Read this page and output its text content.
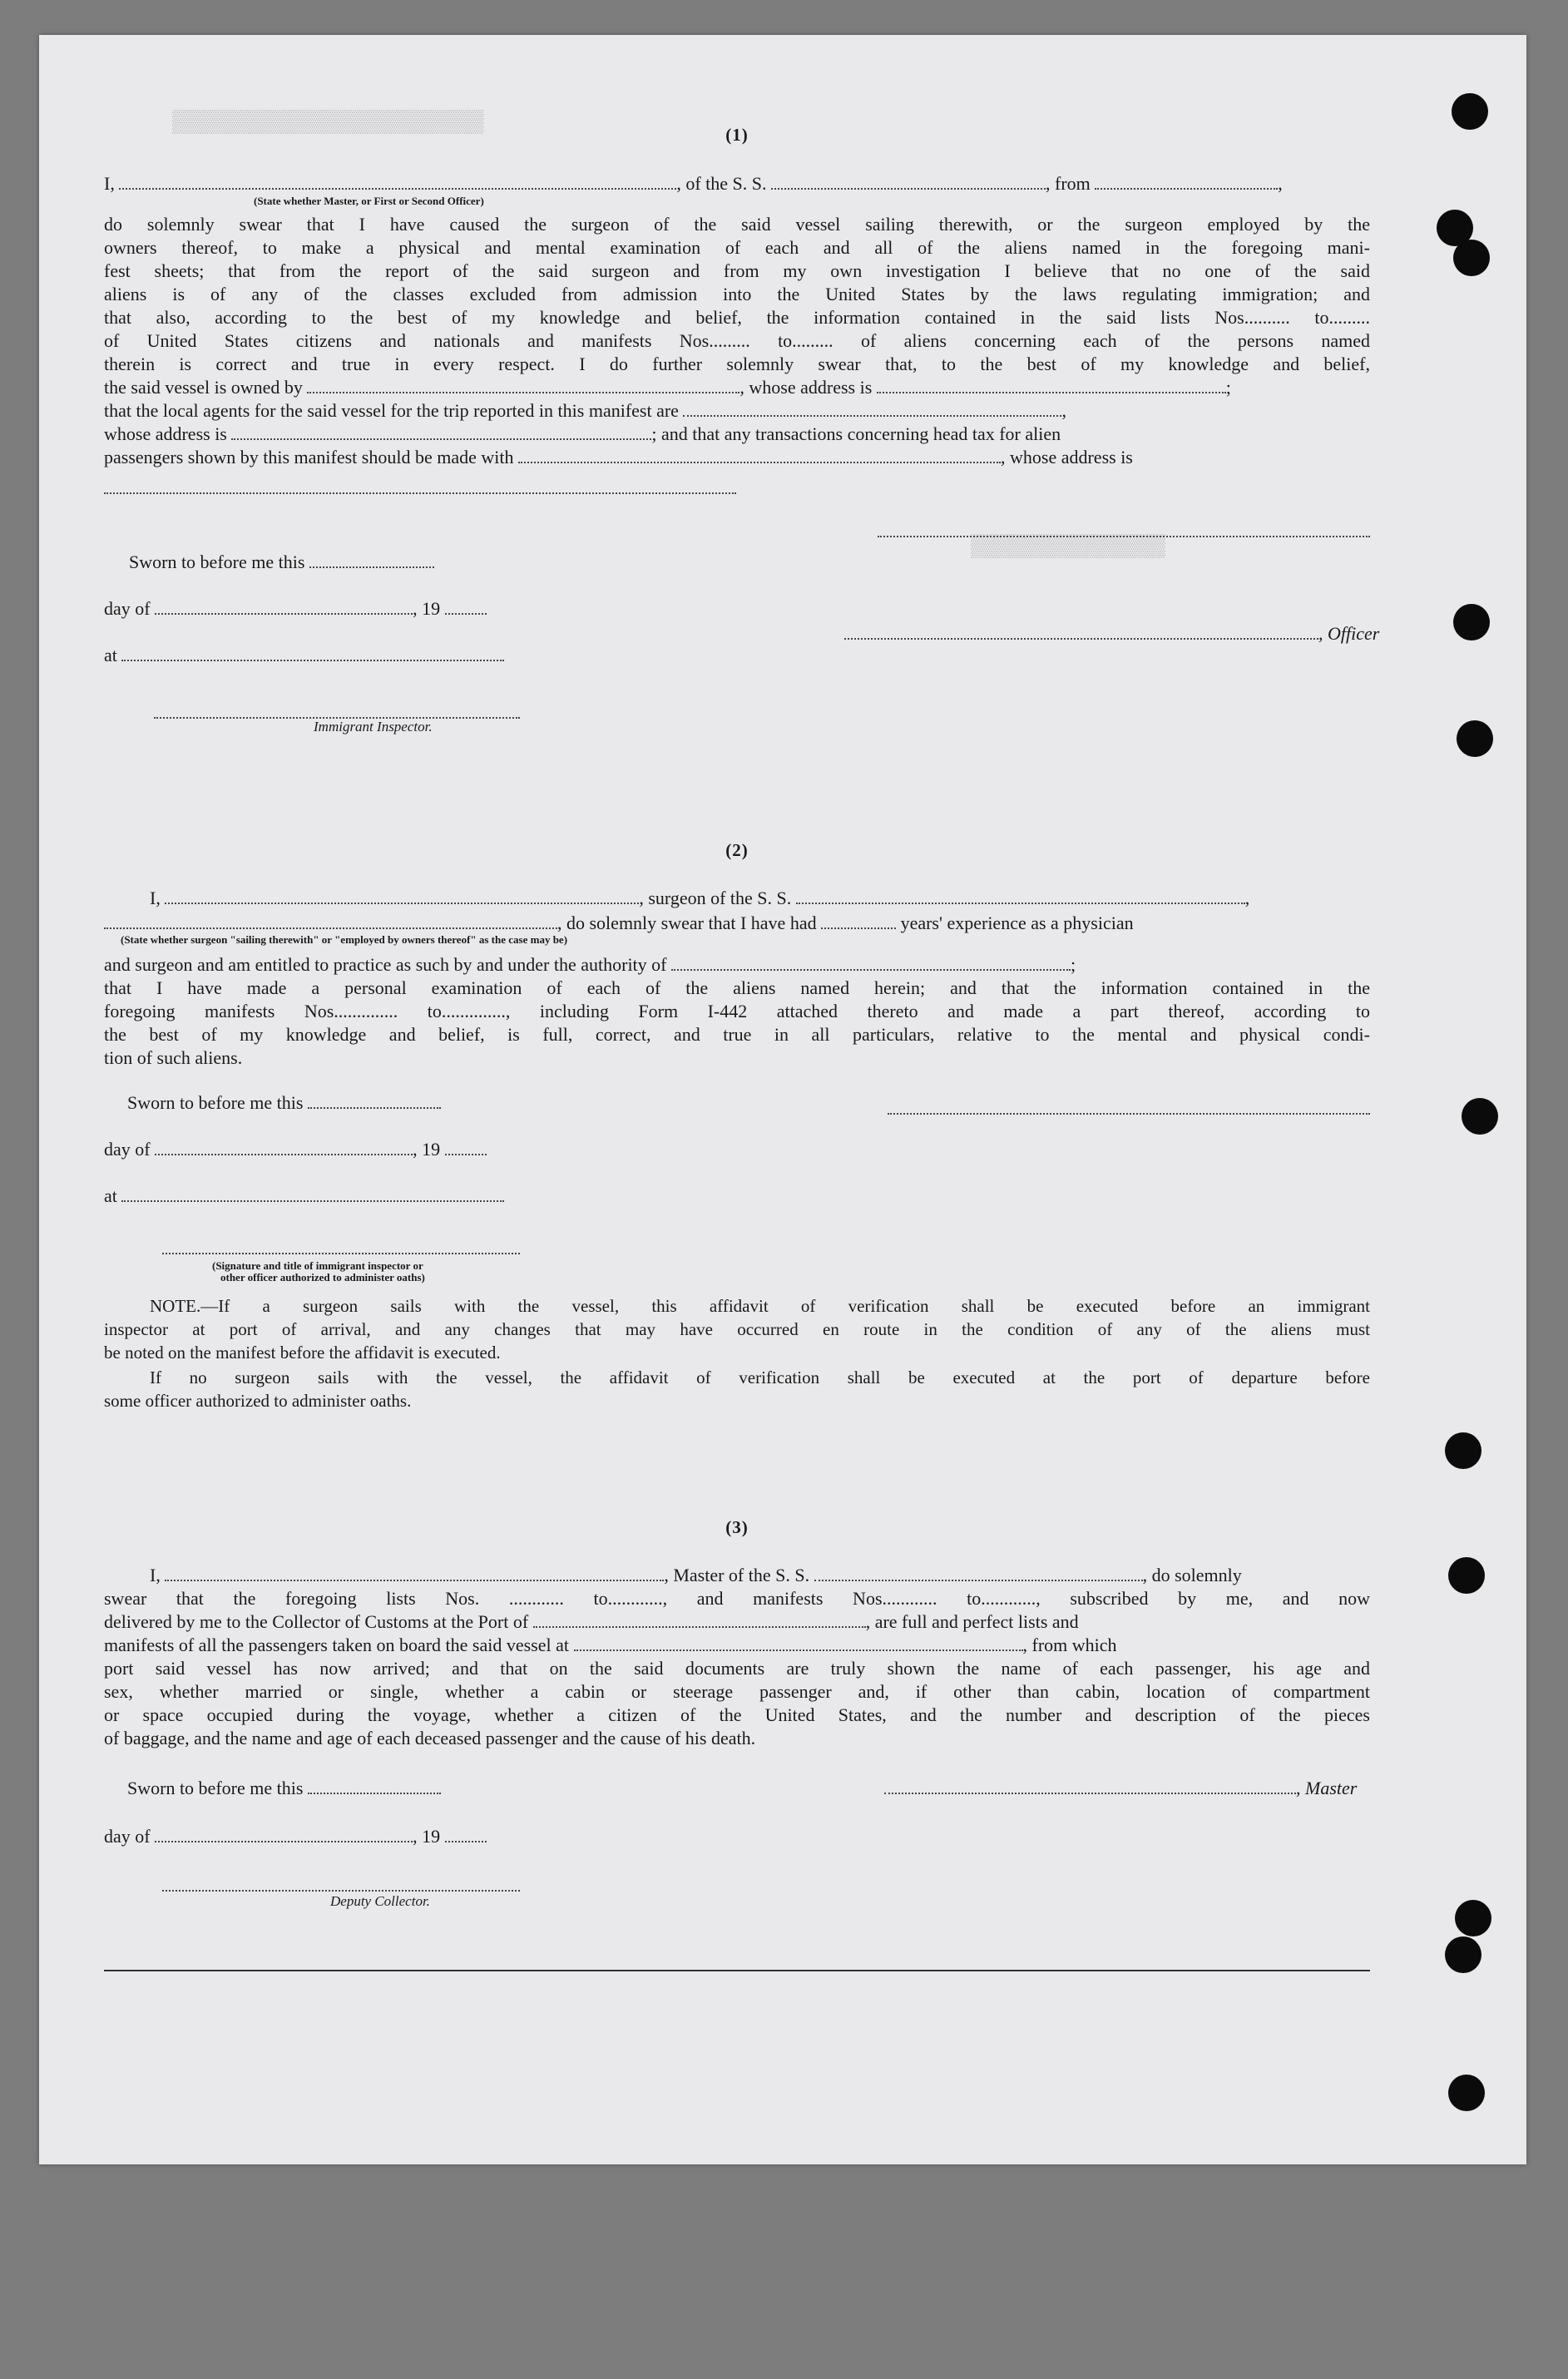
▒▒▒▒▒▒▒▒▒▒▒▒▒▒▒▒▒▒▒▒▒▒▒▒
▒▒▒▒▒▒▒▒▒▒▒▒▒▒▒
(1)
I,	, of the S. S.	, from	,
(State whether Master, or First or Second Officer)
do solemnly swear that I have caused the surgeon of the said vessel sailing therewith, or the surgeon employed by the
owners thereof, to make a physical and mental examination of each and all of the aliens named in the foregoing mani-
fest sheets; that from the report of the said surgeon and from my own investigation I believe that no one of the said
aliens is of any of the classes excluded from admission into the United States by the laws regulating immigration; and
that also, according to the best of my knowledge and belief, the information contained in the said lists Nos.......... to.........
of United States citizens and nationals and manifests Nos......... to......... of aliens concerning each of the persons named
therein is correct and true in every respect. I do further solemnly swear that, to the best of my knowledge and belief,
the said vessel is owned by	, whose address is	;
that the local agents for the said vessel for the trip reported in this manifest are	,
whose address is	; and that any transactions concerning head tax for alien
passengers shown by this manifest should be made with	, whose address is
Sworn to before me this
day of	, 19
, Officer
at
Immigrant Inspector.
(2)
I,	, surgeon of the S. S.	,
, do solemnly swear that I have had	years' experience as a physician
(State whether surgeon "sailing therewith" or "employed by owners thereof" as the case may be)
and surgeon and am entitled to practice as such by and under the authority of	;
that I have made a personal examination of each of the aliens named herein; and that the information contained in the
foregoing manifests Nos.............. to.............., including Form I-442 attached thereto and made a part thereof, according to
the best of my knowledge and belief, is full, correct, and true in all particulars, relative to the mental and physical condi-
tion of such aliens.
Sworn to before me this
day of	, 19
at
(Signature and title of immigrant inspector or
other officer authorized to administer oaths)
NOTE.—If a surgeon sails with the vessel, this affidavit of verification shall be executed before an immigrant
inspector at port of arrival, and any changes that may have occurred en route in the condition of any of the aliens must
be noted on the manifest before the affidavit is executed.
If no surgeon sails with the vessel, the affidavit of verification shall be executed at the port of departure before
some officer authorized to administer oaths.
(3)
I,	, Master of the S. S.	, do solemnly
swear that the foregoing lists Nos. ............ to............, and manifests Nos............ to............, subscribed by me, and now
delivered by me to the Collector of Customs at the Port of	, are full and perfect lists and
manifests of all the passengers taken on board the said vessel at	, from which
port said vessel has now arrived; and that on the said documents are truly shown the name of each passenger, his age and
sex, whether married or single, whether a cabin or steerage passenger and, if other than cabin, location of compartment
or space occupied during the voyage, whether a citizen of the United States, and the number and description of the pieces
of baggage, and the name and age of each deceased passenger and the cause of his death.
Sworn to before me this	, Master
day of	, 19
Deputy Collector.
